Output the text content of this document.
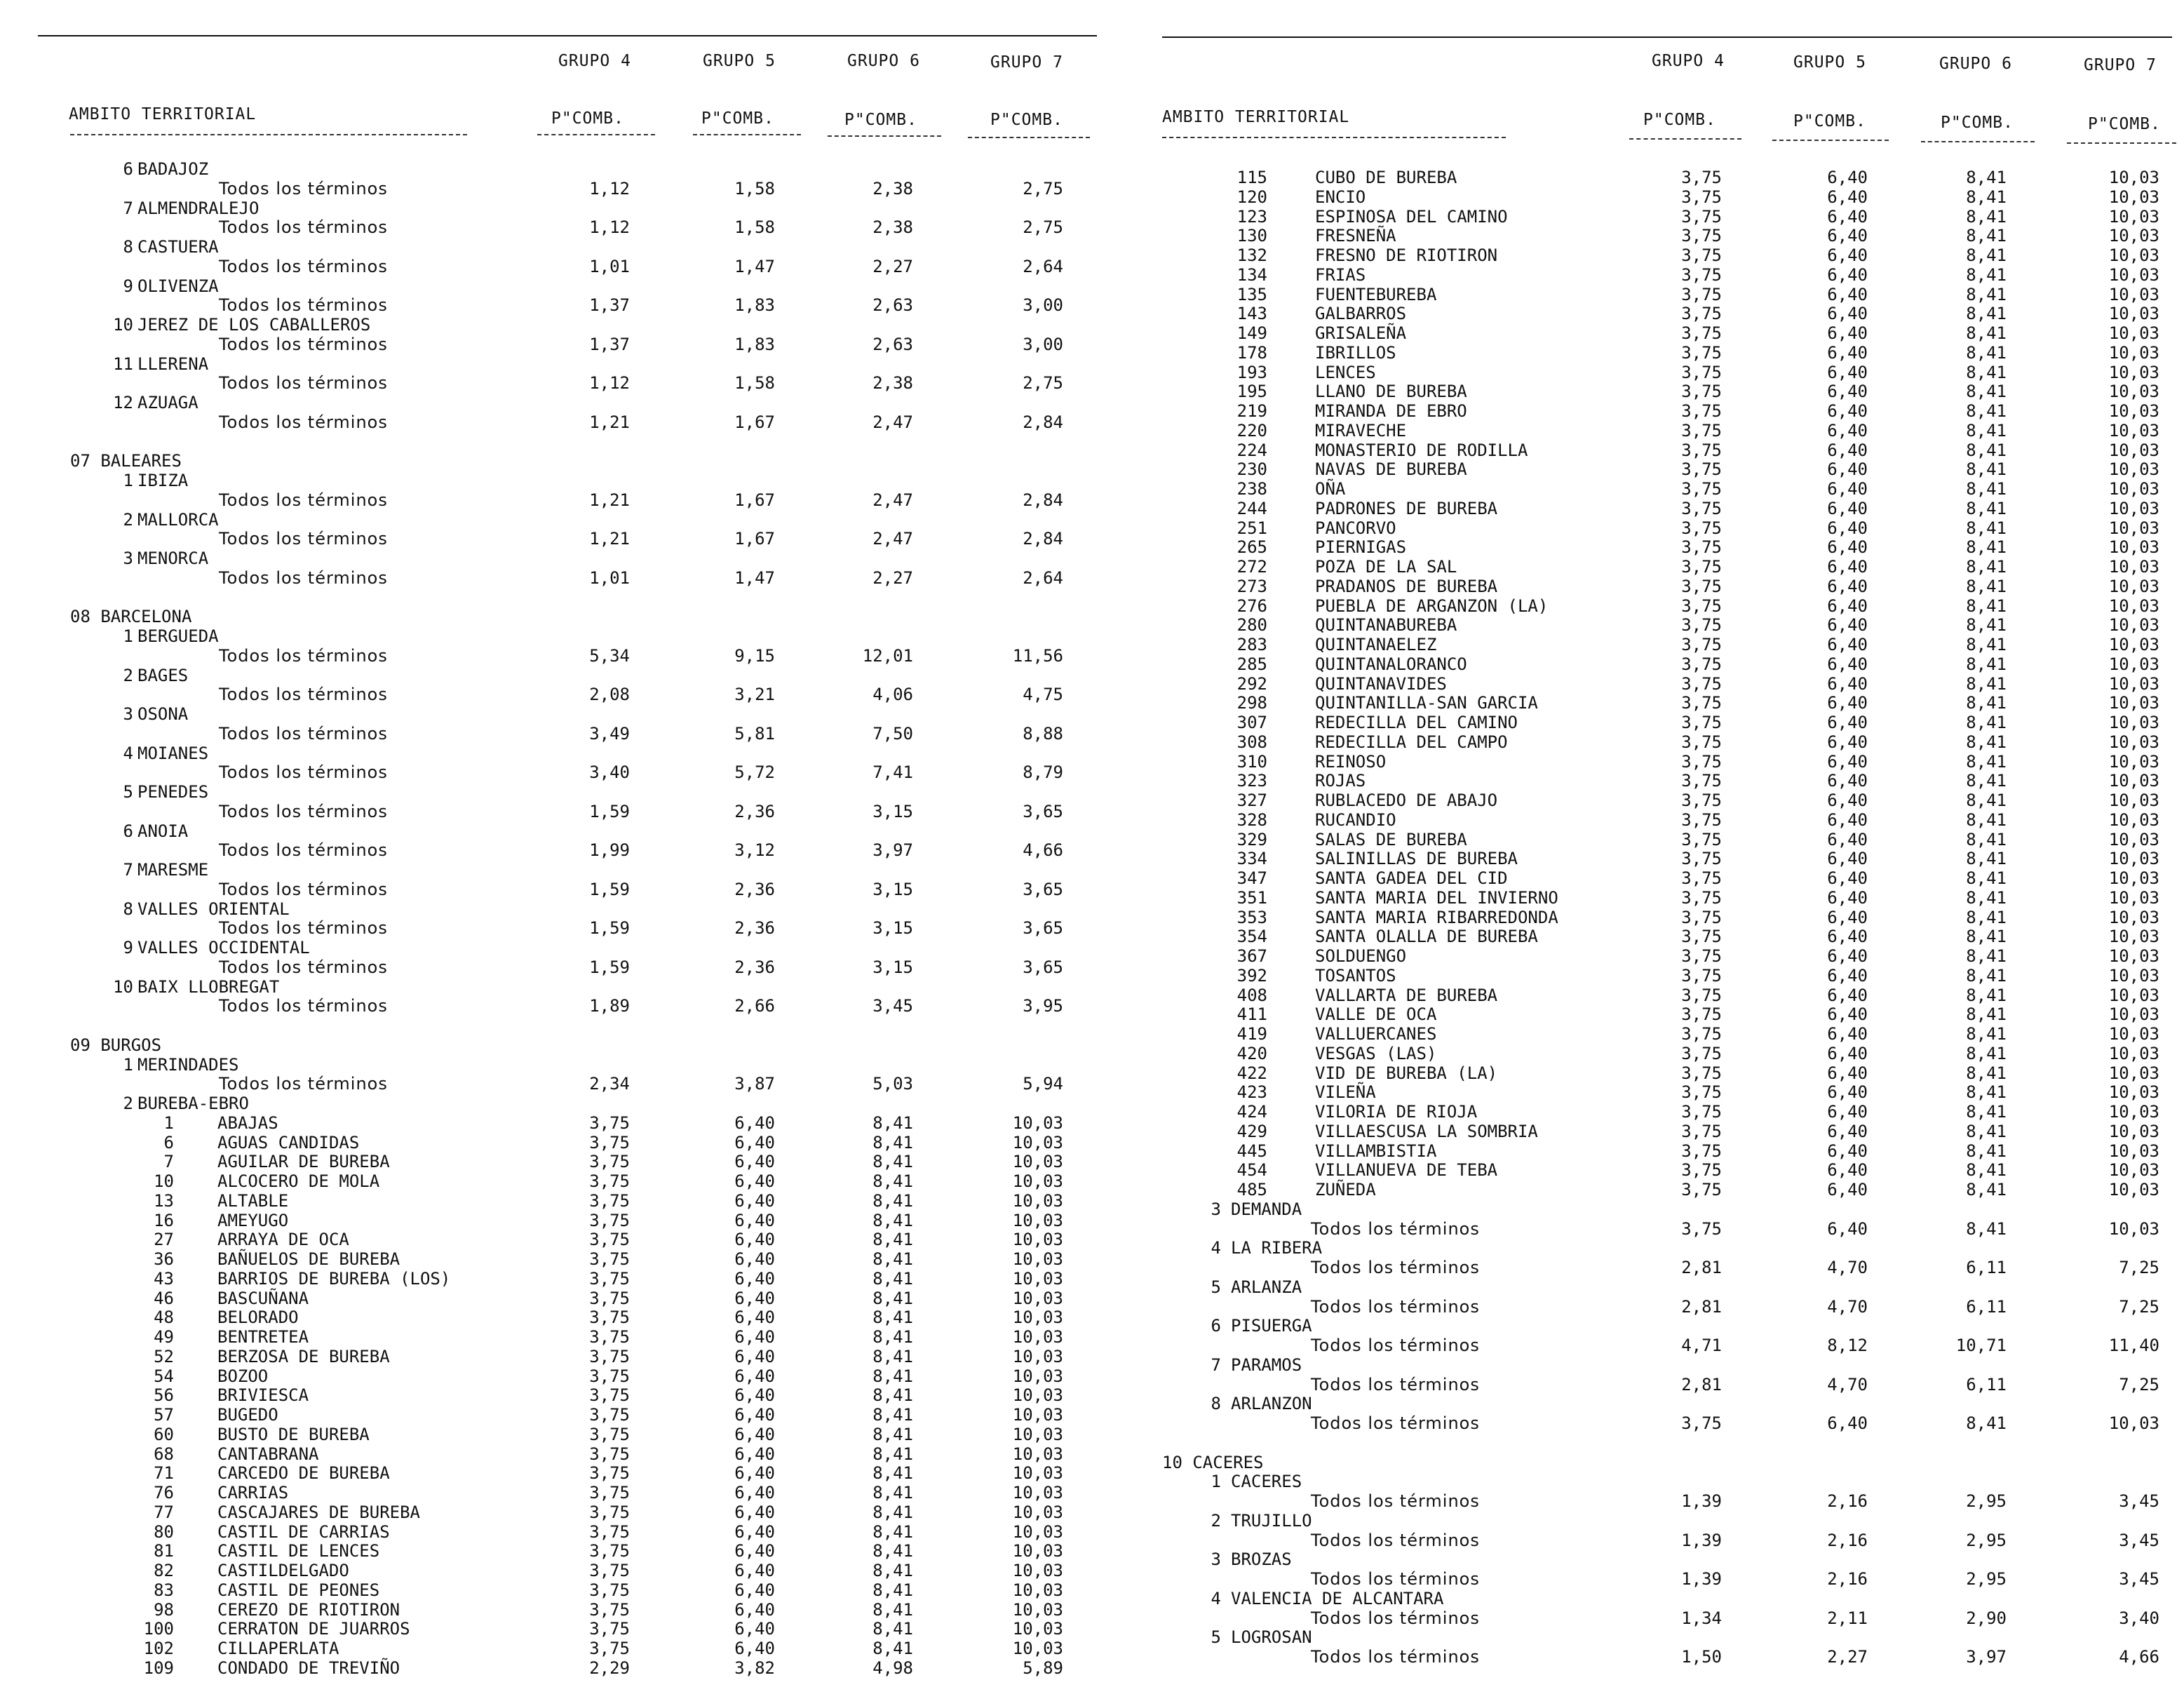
GRUPO 4	GRUPO 5	GRUPO 6	GRUPO 7
AMBITO TERRITORIAL	P"COMB.	P"COMB.	P"COMB.	P"COMB.
6 BADAJOZ
Todos los términos	1,12	1,58	2,38	2,75
7 ALMENDRALEJO
Todos los términos	1,12	1,58	2,38	2,75
8 CASTUERA
Todos los términos	1,01	1,47	2,27	2,64
9 OLIVENZA
Todos los términos	1,37	1,83	2,63	3,00
10 JEREZ DE LOS CABALLEROS
Todos los términos	1,37	1,83	2,63	3,00
11 LLERENA
Todos los términos	1,12	1,58	2,38	2,75
12 AZUAGA
Todos los términos	1,21	1,67	2,47	2,84
07 BALEARES
1 IBIZA
Todos los términos	1,21	1,67	2,47	2,84
2 MALLORCA
Todos los términos	1,21	1,67	2,47	2,84
3 MENORCA
Todos los términos	1,01	1,47	2,27	2,64
08 BARCELONA
1 BERGUEDA
Todos los términos	5,34	9,15	12,01	11,56
2 BAGES
Todos los términos	2,08	3,21	4,06	4,75
3 OSONA
Todos los términos	3,49	5,81	7,50	8,88
4 MOIANES
Todos los términos	3,40	5,72	7,41	8,79
5 PENEDES
Todos los términos	1,59	2,36	3,15	3,65
6 ANOIA
Todos los términos	1,99	3,12	3,97	4,66
7 MARESME
Todos los términos	1,59	2,36	3,15	3,65
8 VALLES ORIENTAL
Todos los términos	1,59	2,36	3,15	3,65
9 VALLES OCCIDENTAL
Todos los términos	1,59	2,36	3,15	3,65
10 BAIX LLOBREGAT
Todos los términos	1,89	2,66	3,45	3,95
09 BURGOS
1 MERINDADES
Todos los términos	2,34	3,87	5,03	5,94
2 BUREBA-EBRO
1	ABAJAS	3,75	6,40	8,41	10,03
6	AGUAS CANDIDAS	3,75	6,40	8,41	10,03
7	AGUILAR DE BUREBA	3,75	6,40	8,41	10,03
10	ALCOCERO DE MOLA	3,75	6,40	8,41	10,03
13	ALTABLE	3,75	6,40	8,41	10,03
16	AMEYUGO	3,75	6,40	8,41	10,03
27	ARRAYA DE OCA	3,75	6,40	8,41	10,03
36	BAÑUELOS DE BUREBA	3,75	6,40	8,41	10,03
43	BARRIOS DE BUREBA (LOS)	3,75	6,40	8,41	10,03
46	BASCUÑANA	3,75	6,40	8,41	10,03
48	BELORADO	3,75	6,40	8,41	10,03
49	BENTRETEA	3,75	6,40	8,41	10,03
52	BERZOSA DE BUREBA	3,75	6,40	8,41	10,03
54	BOZOO	3,75	6,40	8,41	10,03
56	BRIVIESCA	3,75	6,40	8,41	10,03
57	BUGEDO	3,75	6,40	8,41	10,03
60	BUSTO DE BUREBA	3,75	6,40	8,41	10,03
68	CANTABRANA	3,75	6,40	8,41	10,03
71	CARCEDO DE BUREBA	3,75	6,40	8,41	10,03
76	CARRIAS	3,75	6,40	8,41	10,03
77	CASCAJARES DE BUREBA	3,75	6,40	8,41	10,03
80	CASTIL DE CARRIAS	3,75	6,40	8,41	10,03
81	CASTIL DE LENCES	3,75	6,40	8,41	10,03
82	CASTILDELGADO	3,75	6,40	8,41	10,03
83	CASTIL DE PEONES	3,75	6,40	8,41	10,03
98	CEREZO DE RIOTIRON	3,75	6,40	8,41	10,03
100	CERRATON DE JUARROS	3,75	6,40	8,41	10,03
102	CILLAPERLATA	3,75	6,40	8,41	10,03
109	CONDADO DE TREVIÑO	2,29	3,82	4,98	5,89
GRUPO 4	GRUPO 5	GRUPO 6	GRUPO 7
AMBITO TERRITORIAL	P"COMB.	P"COMB.	P"COMB.	P"COMB.
115	CUBO DE BUREBA	3,75	6,40	8,41	10,03
120	ENCIO	3,75	6,40	8,41	10,03
123	ESPINOSA DEL CAMINO	3,75	6,40	8,41	10,03
130	FRESNEÑA	3,75	6,40	8,41	10,03
132	FRESNO DE RIOTIRON	3,75	6,40	8,41	10,03
134	FRIAS	3,75	6,40	8,41	10,03
135	FUENTEBUREBA	3,75	6,40	8,41	10,03
143	GALBARROS	3,75	6,40	8,41	10,03
149	GRISALEÑA	3,75	6,40	8,41	10,03
178	IBRILLOS	3,75	6,40	8,41	10,03
193	LENCES	3,75	6,40	8,41	10,03
195	LLANO DE BUREBA	3,75	6,40	8,41	10,03
219	MIRANDA DE EBRO	3,75	6,40	8,41	10,03
220	MIRAVECHE	3,75	6,40	8,41	10,03
224	MONASTERIO DE RODILLA	3,75	6,40	8,41	10,03
230	NAVAS DE BUREBA	3,75	6,40	8,41	10,03
238	OÑA	3,75	6,40	8,41	10,03
244	PADRONES DE BUREBA	3,75	6,40	8,41	10,03
251	PANCORVO	3,75	6,40	8,41	10,03
265	PIERNIGAS	3,75	6,40	8,41	10,03
272	POZA DE LA SAL	3,75	6,40	8,41	10,03
273	PRADANOS DE BUREBA	3,75	6,40	8,41	10,03
276	PUEBLA DE ARGANZON (LA)	3,75	6,40	8,41	10,03
280	QUINTANABUREBA	3,75	6,40	8,41	10,03
283	QUINTANAELEZ	3,75	6,40	8,41	10,03
285	QUINTANALORANCO	3,75	6,40	8,41	10,03
292	QUINTANAVIDES	3,75	6,40	8,41	10,03
298	QUINTANILLA-SAN GARCIA	3,75	6,40	8,41	10,03
307	REDECILLA DEL CAMINO	3,75	6,40	8,41	10,03
308	REDECILLA DEL CAMPO	3,75	6,40	8,41	10,03
310	REINOSO	3,75	6,40	8,41	10,03
323	ROJAS	3,75	6,40	8,41	10,03
327	RUBLACEDO DE ABAJO	3,75	6,40	8,41	10,03
328	RUCANDIO	3,75	6,40	8,41	10,03
329	SALAS DE BUREBA	3,75	6,40	8,41	10,03
334	SALINILLAS DE BUREBA	3,75	6,40	8,41	10,03
347	SANTA GADEA DEL CID	3,75	6,40	8,41	10,03
351	SANTA MARIA DEL INVIERNO	3,75	6,40	8,41	10,03
353	SANTA MARIA RIBARREDONDA	3,75	6,40	8,41	10,03
354	SANTA OLALLA DE BUREBA	3,75	6,40	8,41	10,03
367	SOLDUENGO	3,75	6,40	8,41	10,03
392	TOSANTOS	3,75	6,40	8,41	10,03
408	VALLARTA DE BUREBA	3,75	6,40	8,41	10,03
411	VALLE DE OCA	3,75	6,40	8,41	10,03
419	VALLUERCANES	3,75	6,40	8,41	10,03
420	VESGAS (LAS)	3,75	6,40	8,41	10,03
422	VID DE BUREBA (LA)	3,75	6,40	8,41	10,03
423	VILEÑA	3,75	6,40	8,41	10,03
424	VILORIA DE RIOJA	3,75	6,40	8,41	10,03
429	VILLAESCUSA LA SOMBRIA	3,75	6,40	8,41	10,03
445	VILLAMBISTIA	3,75	6,40	8,41	10,03
454	VILLANUEVA DE TEBA	3,75	6,40	8,41	10,03
485	ZUÑEDA	3,75	6,40	8,41	10,03
3 DEMANDA
Todos los términos	3,75	6,40	8,41	10,03
4 LA RIBERA
Todos los términos	2,81	4,70	6,11	7,25
5 ARLANZA
Todos los términos	2,81	4,70	6,11	7,25
6 PISUERGA
Todos los términos	4,71	8,12	10,71	11,40
7 PARAMOS
Todos los términos	2,81	4,70	6,11	7,25
8 ARLANZON
Todos los términos	3,75	6,40	8,41	10,03
10 CACERES
1 CACERES
Todos los términos	1,39	2,16	2,95	3,45
2 TRUJILLO
Todos los términos	1,39	2,16	2,95	3,45
3 BROZAS
Todos los términos	1,39	2,16	2,95	3,45
4 VALENCIA DE ALCANTARA
Todos los términos	1,34	2,11	2,90	3,40
5 LOGROSAN
Todos los términos	1,50	2,27	3,97	4,66
